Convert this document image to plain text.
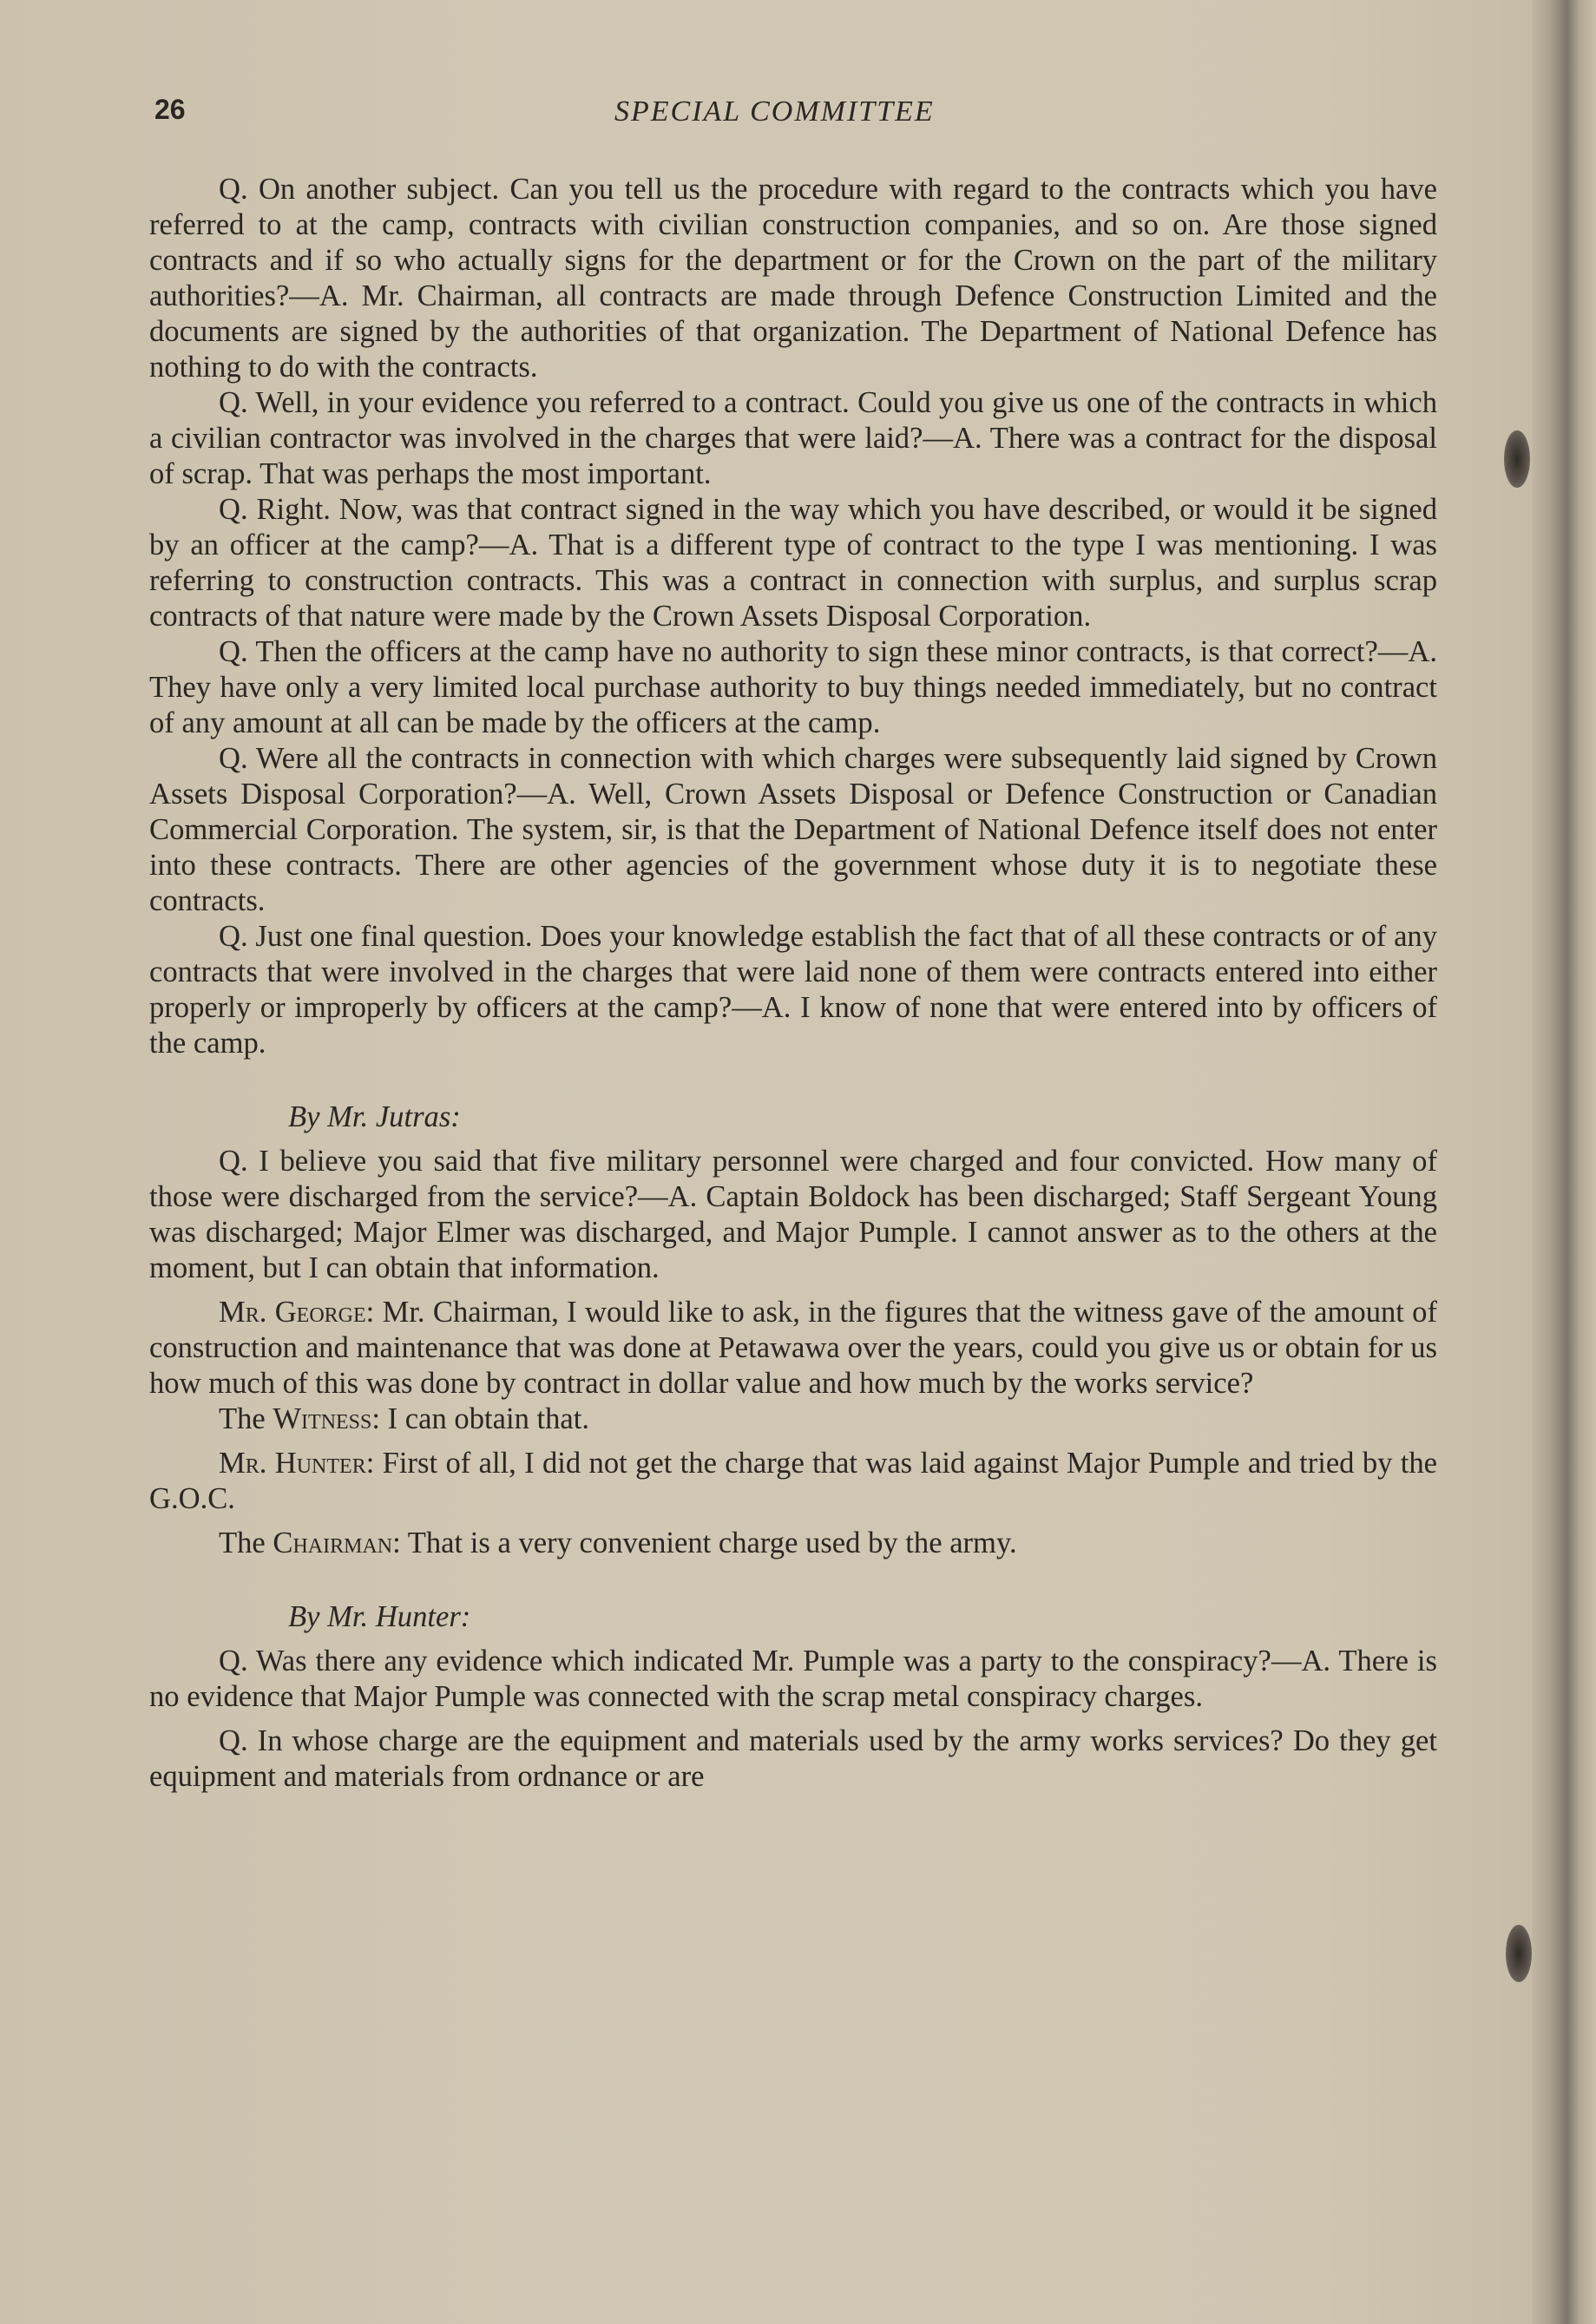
26	SPECIAL COMMITTEE

Q. On another subject. Can you tell us the procedure with regard to the contracts which you have referred to at the camp, contracts with civilian construction companies, and so on. Are those signed contracts and if so who actually signs for the department or for the Crown on the part of the military authorities?—A. Mr. Chairman, all contracts are made through Defence Construction Limited and the documents are signed by the authorities of that organization. The Department of National Defence has nothing to do with the contracts.

Q. Well, in your evidence you referred to a contract. Could you give us one of the contracts in which a civilian contractor was involved in the charges that were laid?—A. There was a contract for the disposal of scrap. That was perhaps the most important.

Q. Right. Now, was that contract signed in the way which you have described, or would it be signed by an officer at the camp?—A. That is a different type of contract to the type I was mentioning. I was referring to construction contracts. This was a contract in connection with surplus, and surplus scrap contracts of that nature were made by the Crown Assets Disposal Corporation.

Q. Then the officers at the camp have no authority to sign these minor contracts, is that correct?—A. They have only a very limited local purchase authority to buy things needed immediately, but no contract of any amount at all can be made by the officers at the camp.

Q. Were all the contracts in connection with which charges were subsequently laid signed by Crown Assets Disposal Corporation?—A. Well, Crown Assets Disposal or Defence Construction or Canadian Commercial Corporation. The system, sir, is that the Department of National Defence itself does not enter into these contracts. There are other agencies of the government whose duty it is to negotiate these contracts.

Q. Just one final question. Does your knowledge establish the fact that of all these contracts or of any contracts that were involved in the charges that were laid none of them were contracts entered into either properly or improperly by officers at the camp?—A. I know of none that were entered into by officers of the camp.

By Mr. Jutras:

Q. I believe you said that five military personnel were charged and four convicted. How many of those were discharged from the service?—A. Captain Boldock has been discharged; Staff Sergeant Young was discharged; Major Elmer was discharged, and Major Pumple. I cannot answer as to the others at the moment, but I can obtain that information.

Mr. George: Mr. Chairman, I would like to ask, in the figures that the witness gave of the amount of construction and maintenance that was done at Petawawa over the years, could you give us or obtain for us how much of this was done by contract in dollar value and how much by the works service?

The Witness: I can obtain that.

Mr. Hunter: First of all, I did not get the charge that was laid against Major Pumple and tried by the G.O.C.

The Chairman: That is a very convenient charge used by the army.

By Mr. Hunter:

Q. Was there any evidence which indicated Mr. Pumple was a party to the conspiracy?—A. There is no evidence that Major Pumple was connected with the scrap metal conspiracy charges.

Q. In whose charge are the equipment and materials used by the army works services? Do they get equipment and materials from ordnance or are
